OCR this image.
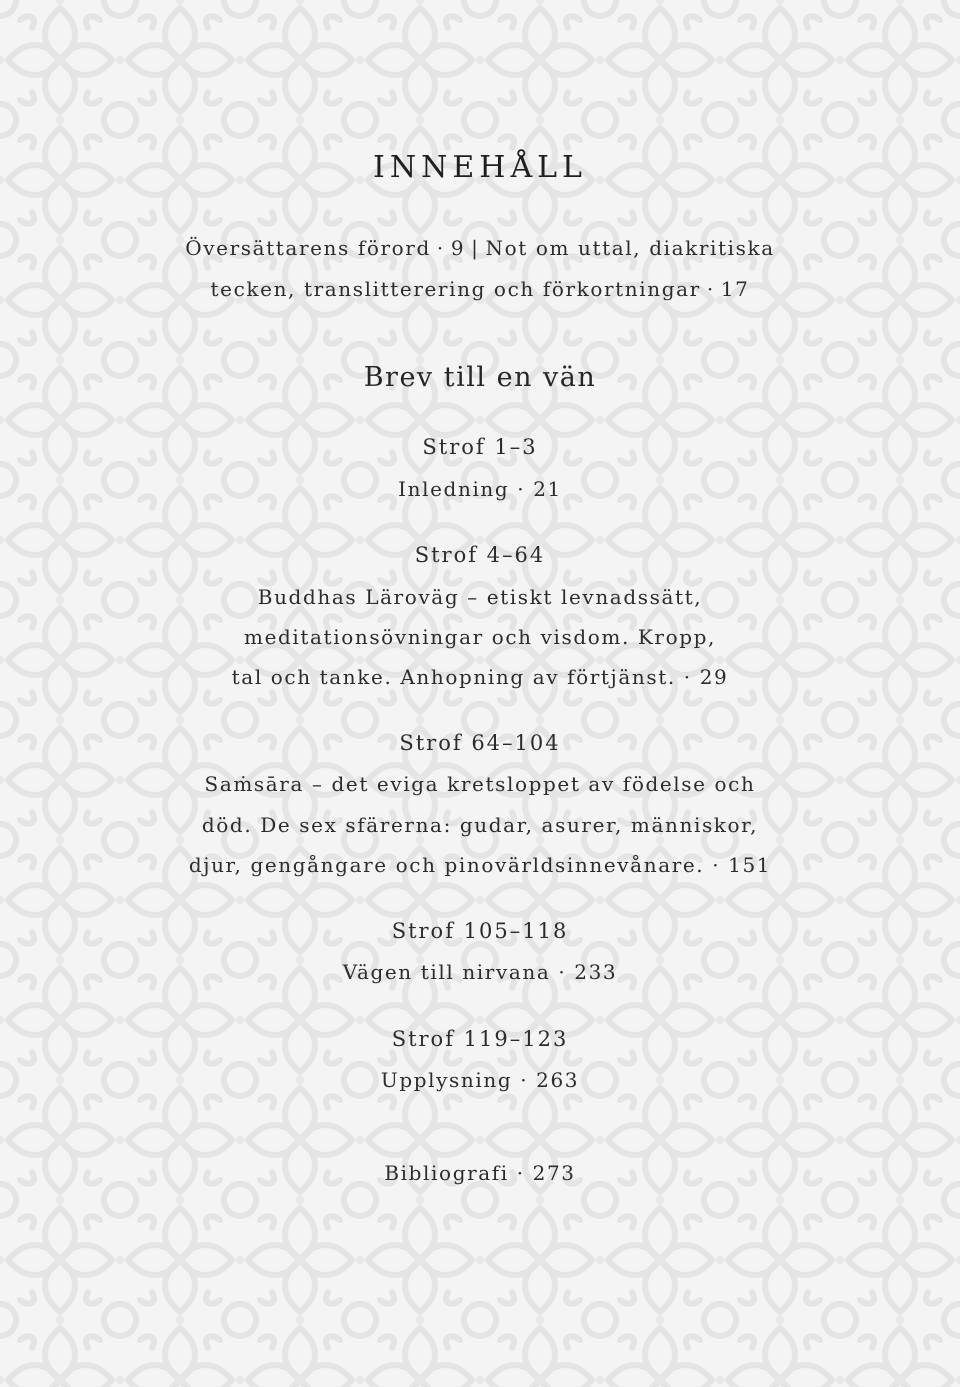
INNEHÅLL
Översättarens förord · 9 | Not om uttal, diakritiska
tecken, translitterering och förkortningar · 17
Brev till en vän
Strof 1–3
Inledning · 21
Strof 4–64
Buddhas Läroväg – etiskt levnadssätt,
meditationsövningar och visdom. Kropp,
tal och tanke. Anhopning av förtjänst. · 29
Strof 64–104
Saṁsāra – det eviga kretsloppet av födelse och
död. De sex sfärerna: gudar, asurer, människor,
djur, gengångare och pinovärldsinnevånare. · 151
Strof 105–118
Vägen till nirvana · 233
Strof 119–123
Upplysning · 263
Bibliografi · 273
